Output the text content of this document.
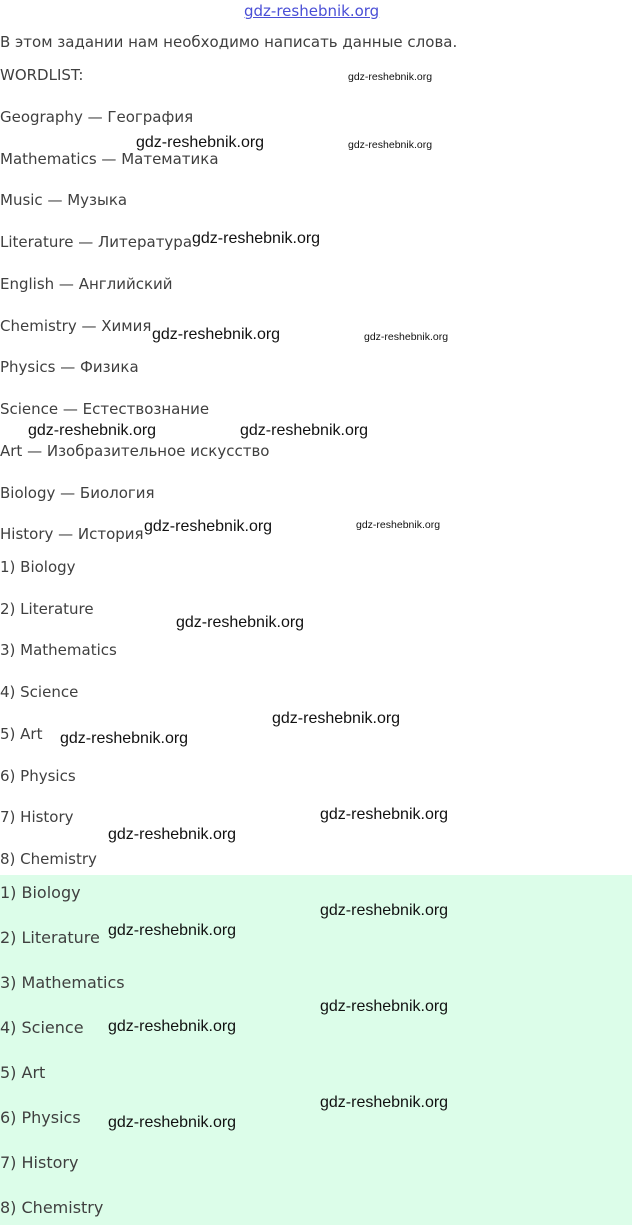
gdz-reshebnik.org
В этом задании нам необходимо написать данные слова.
WORDLIST:
Geography — География
Mathematics — Математика
Music — Музыка
Literature — Литература
English — Английский
Chemistry — Химия
Physics — Физика
Science — Естествознание
Art — Изобразительное искусство
Biology — Биология
History — История
1) Biology
2) Literature
3) Mathematics
4) Science
5) Art
6) Physics
7) History
8) Chemistry
1) Biology
2) Literature
3) Mathematics
4) Science
5) Art
6) Physics
7) History
8) Chemistry
gdz-reshebnik.org
gdz-reshebnik.org	gdz-reshebnik.org
gdz-reshebnik.org
gdz-reshebnik.org	gdz-reshebnik.org
gdz-reshebnik.org	gdz-reshebnik.org
gdz-reshebnik.org	gdz-reshebnik.org
gdz-reshebnik.org
gdz-reshebnik.org
gdz-reshebnik.org
gdz-reshebnik.org
gdz-reshebnik.org
gdz-reshebnik.org
gdz-reshebnik.org
gdz-reshebnik.org
gdz-reshebnik.org
gdz-reshebnik.org
gdz-reshebnik.org
